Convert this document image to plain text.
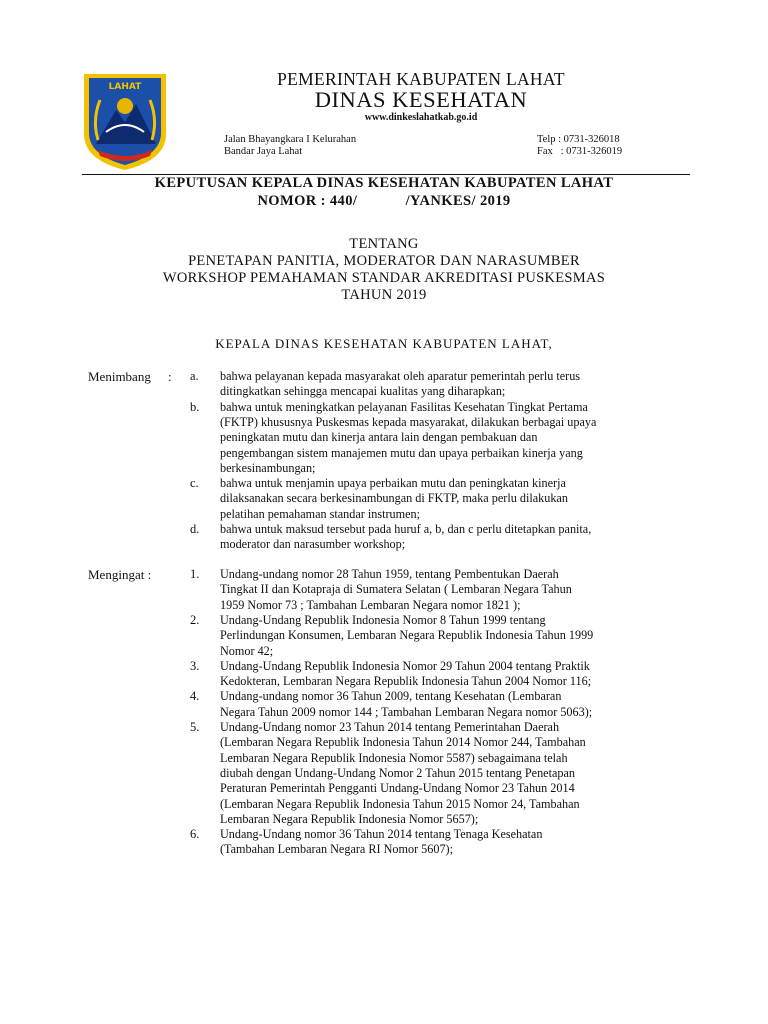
LAHAT	PEMERINTAH KABUPATEN LAHAT
DINAS KESEHATAN
www.dinkeslahatkab.go.id
Jalan Bhayangkara I Kelurahan
Bandar Jaya Lahat
Telp : 0731-326018
Fax   : 0731-326019
KEPUTUSAN KEPALA DINAS KESEHATAN KABUPATEN LAHAT
NOMOR : 440/            /YANKES/ 2019
TENTANG
PENETAPAN PANITIA, MODERATOR DAN NARASUMBER
WORKSHOP PEMAHAMAN STANDAR AKREDITASI PUSKESMAS
TAHUN 2019
KEPALA DINAS KESEHATAN KABUPATEN LAHAT,
Menimbang : a. bahwa pelayanan kepada masyarakat oleh aparatur pemerintah perlu terus
ditingkatkan sehingga mencapai kualitas yang diharapkan;
b. bahwa untuk meningkatkan pelayanan Fasilitas Kesehatan Tingkat Pertama
(FKTP) khususnya Puskesmas kepada masyarakat, dilakukan berbagai upaya
peningkatan mutu dan kinerja antara lain dengan pembakuan dan
pengembangan sistem manajemen mutu dan upaya perbaikan kinerja yang
berkesinambungan;
c. bahwa untuk menjamin upaya perbaikan mutu dan peningkatan kinerja
dilaksanakan secara berkesinambungan di FKTP, maka perlu dilakukan
pelatihan pemahaman standar instrumen;
d. bahwa untuk maksud tersebut pada huruf a, b, dan c perlu ditetapkan panita,
moderator dan narasumber workshop;
Mengingat :	1. Undang-undang nomor 28 Tahun 1959, tentang Pembentukan Daerah
Tingkat II dan Kotapraja di Sumatera Selatan ( Lembaran Negara Tahun
1959 Nomor 73 ; Tambahan Lembaran Negara nomor 1821 );
2. Undang-Undang Republik Indonesia Nomor 8 Tahun 1999 tentang
Perlindungan Konsumen, Lembaran Negara Republik Indonesia Tahun 1999
Nomor 42;
3. Undang-Undang Republik Indonesia Nomor 29 Tahun 2004 tentang Praktik
Kedokteran, Lembaran Negara Republik Indonesia Tahun 2004 Nomor 116;
4. Undang-undang nomor 36 Tahun 2009, tentang Kesehatan (Lembaran
Negara Tahun 2009 nomor 144 ; Tambahan Lembaran Negara nomor 5063);
5. Undang-Undang nomor 23 Tahun 2014 tentang Pemerintahan Daerah
(Lembaran Negara Republik Indonesia Tahun 2014 Nomor 244, Tambahan
Lembaran Negara Republik Indonesia Nomor 5587) sebagaimana telah
diubah dengan Undang-Undang Nomor 2 Tahun 2015 tentang Penetapan
Peraturan Pemerintah Pengganti Undang-Undang Nomor 23 Tahun 2014
(Lembaran Negara Republik Indonesia Tahun 2015 Nomor 24, Tambahan
Lembaran Negara Republik Indonesia Nomor 5657);
6. Undang-Undang nomor 36 Tahun 2014 tentang Tenaga Kesehatan
(Tambahan Lembaran Negara RI Nomor 5607);
